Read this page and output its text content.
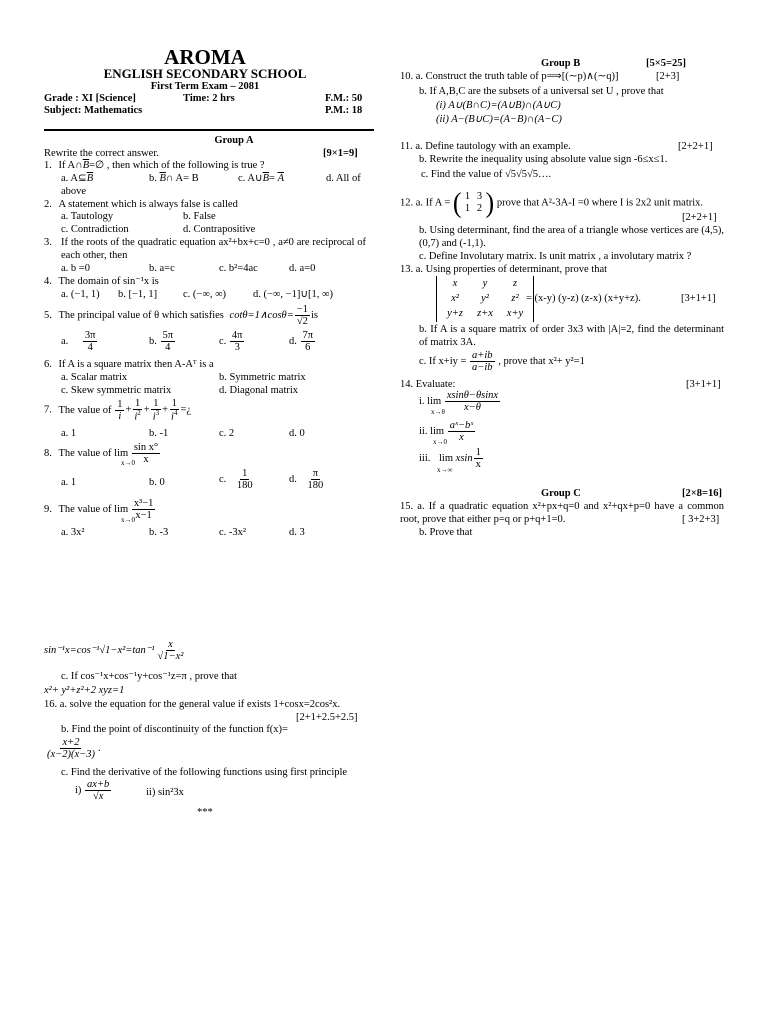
AROMA
ENGLISH SECONDARY SCHOOL
First Term Exam – 2081
Grade : XI [Science]	Time: 2 hrs	F.M.: 50
Subject: Mathematics	P.M.: 18
Group A
Rewrite the correct answer.	[9×1=9]
1. If $A\cap\overline{B}=\emptyset$ , then which of the following is true ?
a. $A⊆\overline{B}$	b. $\overline{B}\cap$ A= B	c. $A\cup\overline{B}= \overline{A}$	d. All of
above
2. A statement which is always false is called
a. Tautology	b. False
c. Contradiction	d. Contrapositive
3. If the roots of the quadratic equation ax²+bx+c=0 , a≠0 are reciprocal of each other, then
a. b =0	b. a=c	c. b²=4ac	d. a=0
4. The domain of sin⁻¹x is
a. (−1, 1) b. [−1, 1] c. (−∞, ∞)	d. (−∞, −1]∪[1, ∞)
5. The principal value of θ which satisfies cotθ=1∧cosθ= $\frac{-1}{√2}$ is
a. $\frac{3\pi}{4}$	b. $\frac{5\pi}{4}$	c. $\frac{4\pi}{3}$	d. $\frac{7\pi}{6}$
6. If A is a square matrix then A-Aᵀ is a
a. Scalar matrix	b. Symmetric matrix
c. Skew symmetric matrix	d. Diagonal matrix
7. The value of $\frac{1}{i} + \frac{1}{i^2} + \frac{1}{i^3} + \frac{1}{i^4}$ =¿
a. 1	b. -1	c. 2	d. 0
8. The value of $\lim \frac{\text{sin x°}}{x}$
x→0
a. 1	b. 0	c. $\frac{1}{180}$	d. $\frac{\pi}{180}$
9. The value of $\lim \frac{\text{x³−1}}{x-1}$
x→0
a. 3x²	b. -3	c. -3x²	d. 3
Group B	[5×5=25]
10. a. Construct the truth table of p⟹[(∼p)∧(∼q)]	[2+3]
b. If A,B,C are the subsets of a universal set U , prove that
(i) A∪(B∩C)=(A∪B)∩(A∪C)
(ii) A−(B∪C)=(A−B)∩(A−C)
11. a. Define tautology with an example.	[2+2+1]
b. Rewrite the inequality using absolute value sign -6≤x≤1.
c. Find the value of √5√5√5….
12. a. If A = ( 1 3
1 2 ) prove that A²-3A-I =0 where I is 2x2 unit matrix.
[2+2+1]
b. Using determinant, find the area of a triangle whose vertices are (4,5), (0,7) and (-1,1).
c. Define Involutary matrix. Is unit matrix , a involutary matrix ?
13. a. Using properties of determinant, prove that
x	y	z
x²	y²	z²
y+z	z+x	x+y
= (x-y) (y-z) (z-x) (x+y+z).	[3+1+1]
b. If A is a square matrix of order 3x3 with |A|=2, find the determinant of matrix 3A.
c. If $x+iy = \frac{a+ib}{a-ib}$ , prove that x²+ y²=1
14. Evaluate:	[3+1+1]
i. $\lim \frac{xsin\theta-\theta\sin x}{x-\theta}$
x→θ
ii. $\lim \frac{\text{aˣ−bˣ}}{x}$
x→0
iii. lim xsin $\frac{1}{x}$
x→∞
Group C	[2×8=16]
15. a. If a quadratic equation x²+px+q=0 and x²+qx+p=0 have a common root, prove that either p=q or p+q+1=0.	[ 3+2+3]
b. Prove that
$\sin^{-1}x=\cos^{-1}√1-x^2=\tan^{-1} \frac{x}{\text{√1−x²}}$
c. If cos⁻¹x+cos⁻¹y+cos⁻¹z=π , prove that
x²+ y²+z²+2 xyz=1
16. a. solve the equation for the general value if exists 1+cosx=2cos²x.
[2+1+2.5+2.5]
b. Find the point of discontinuity of the function f(x)=
$\frac{x+2}{(x-2)(x-3)}$ .
c. Find the derivative of the following functions using first principle
$i) \frac{ax+b}{√x}$	ii) sin²3x
***
